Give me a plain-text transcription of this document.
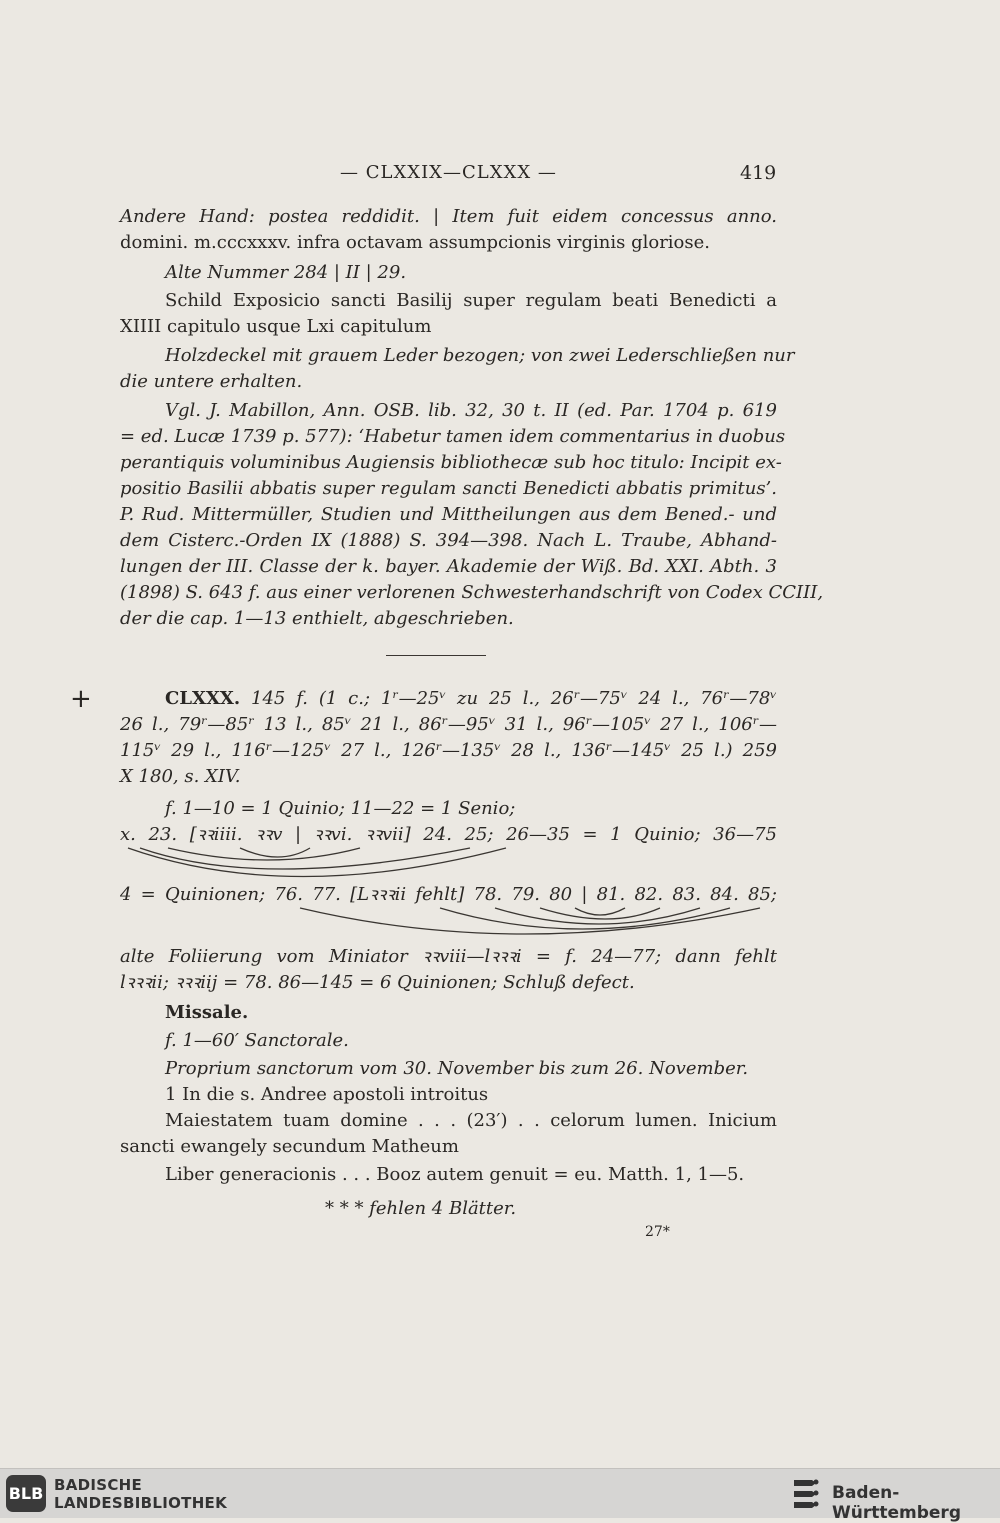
— CLXXIX—CLXXX —	419
Andere Hand: postea reddidit. | Item fuit eidem concessus anno.
domini. m.cccxxxv. infra octavam assumpcionis virginis gloriose.
Alte Nummer 284 | II | 29.
Schild Exposicio sancti Basilij super regulam beati Benedicti a
XIIII capitulo usque Lxi capitulum
Holzdeckel mit grauem Leder bezogen; von zwei Lederschließen nur
die untere erhalten.
Vgl. J. Mabillon, Ann. OSB. lib. 32, 30 t. II (ed. Par. 1704 p. 619
= ed. Lucæ 1739 p. 577): ‘Habetur tamen idem commentarius in duobus
perantiquis voluminibus Augiensis bibliothecæ sub hoc titulo: Incipit ex-
positio Basilii abbatis super regulam sancti Benedicti abbatis primitus’.
P. Rud. Mittermüller, Studien und Mittheilungen aus dem Bened.- und
dem Cisterc.-Orden IX (1888) S. 394—398. Nach L. Traube, Abhand-
lungen der III. Classe der k. bayer. Akademie der Wiß. Bd. XXI. Abth. 3
(1898) S. 643 f. aus einer verlorenen Schwesterhandschrift von Codex CCIII,
der die cap. 1—13 enthielt, abgeschrieben.
+	CLXXX. 145 f. (1 c.; 1ʳ—25ᵛ zu 25 l., 26ʳ—75ᵛ 24 l., 76ʳ—78ᵛ
26 l., 79ʳ—85ʳ 13 l., 85ᵛ 21 l., 86ʳ—95ᵛ 31 l., 96ʳ—105ᵛ 27 l., 106ʳ—
115ᵛ 29 l., 116ʳ—125ᵛ 27 l., 126ʳ—135ᵛ 28 l., 136ʳ—145ᵛ 25 l.) 259
X 180, s. XIV.
f. 1—10 = 1 Quinio; 11—22 = 1 Senio;
x. 23. [ꝛꝛiiii. ꝛꝛv | ꝛꝛvi. ꝛꝛvii] 24. 25; 26—35 = 1 Quinio; 36—75
4 = Quinionen; 76. 77. [Lꝛꝛꝛii fehlt] 78. 79. 80 | 81. 82. 83. 84. 85;
alte Foliierung vom Miniator ꝛꝛviii—lꝛꝛꝛi = f. 24—77; dann fehlt
lꝛꝛꝛii; ꝛꝛꝛiij = 78. 86—145 = 6 Quinionen; Schluß defect.
Missale.
f. 1—60′ Sanctorale.
Proprium sanctorum vom 30. November bis zum 26. November.
1 In die s. Andree apostoli introitus
Maiestatem tuam domine . . . (23′) . . celorum lumen. Inicium
sancti ewangely secundum Matheum
Liber generacionis . . . Booz autem genuit = eu. Matth. 1, 1—5.
* * * fehlen 4 Blätter.
27*
BLB BADISCHE
LANDESBIBLIOTHEK	Baden-Württemberg
